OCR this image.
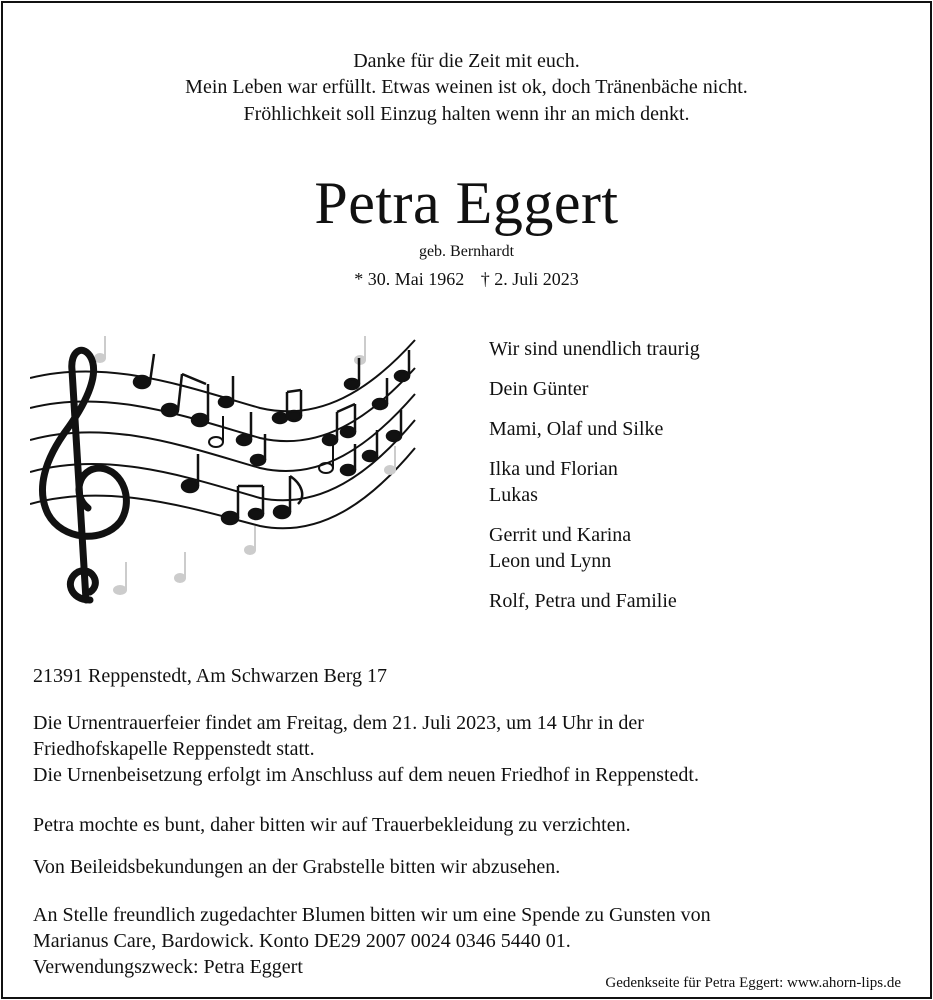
Danke für die Zeit mit euch.
Mein Leben war erfüllt. Etwas weinen ist ok, doch Tränenbäche nicht.
Fröhlichkeit soll Einzug halten wenn ihr an mich denkt.
Petra Eggert
geb. Bernhardt
* 30. Mai 1962 † 2. Juli 2023
Wir sind unendlich traurig
Dein Günter
Mami, Olaf und Silke
Ilka und Florian
Lukas
Gerrit und Karina
Leon und Lynn
Rolf, Petra und Familie
21391 Reppenstedt, Am Schwarzen Berg 17
Die Urnentrauerfeier findet am Freitag, dem 21. Juli 2023, um 14 Uhr in der
Friedhofskapelle Reppenstedt statt.
Die Urnenbeisetzung erfolgt im Anschluss auf dem neuen Friedhof in Reppenstedt.
Petra mochte es bunt, daher bitten wir auf Trauerbekleidung zu verzichten.
Von Beileidsbekundungen an der Grabstelle bitten wir abzusehen.
An Stelle freundlich zugedachter Blumen bitten wir um eine Spende zu Gunsten von
Marianus Care, Bardowick. Konto DE29 2007 0024 0346 5440 01.
Verwendungszweck: Petra Eggert
Gedenkseite für Petra Eggert: www.ahorn-lips.de
